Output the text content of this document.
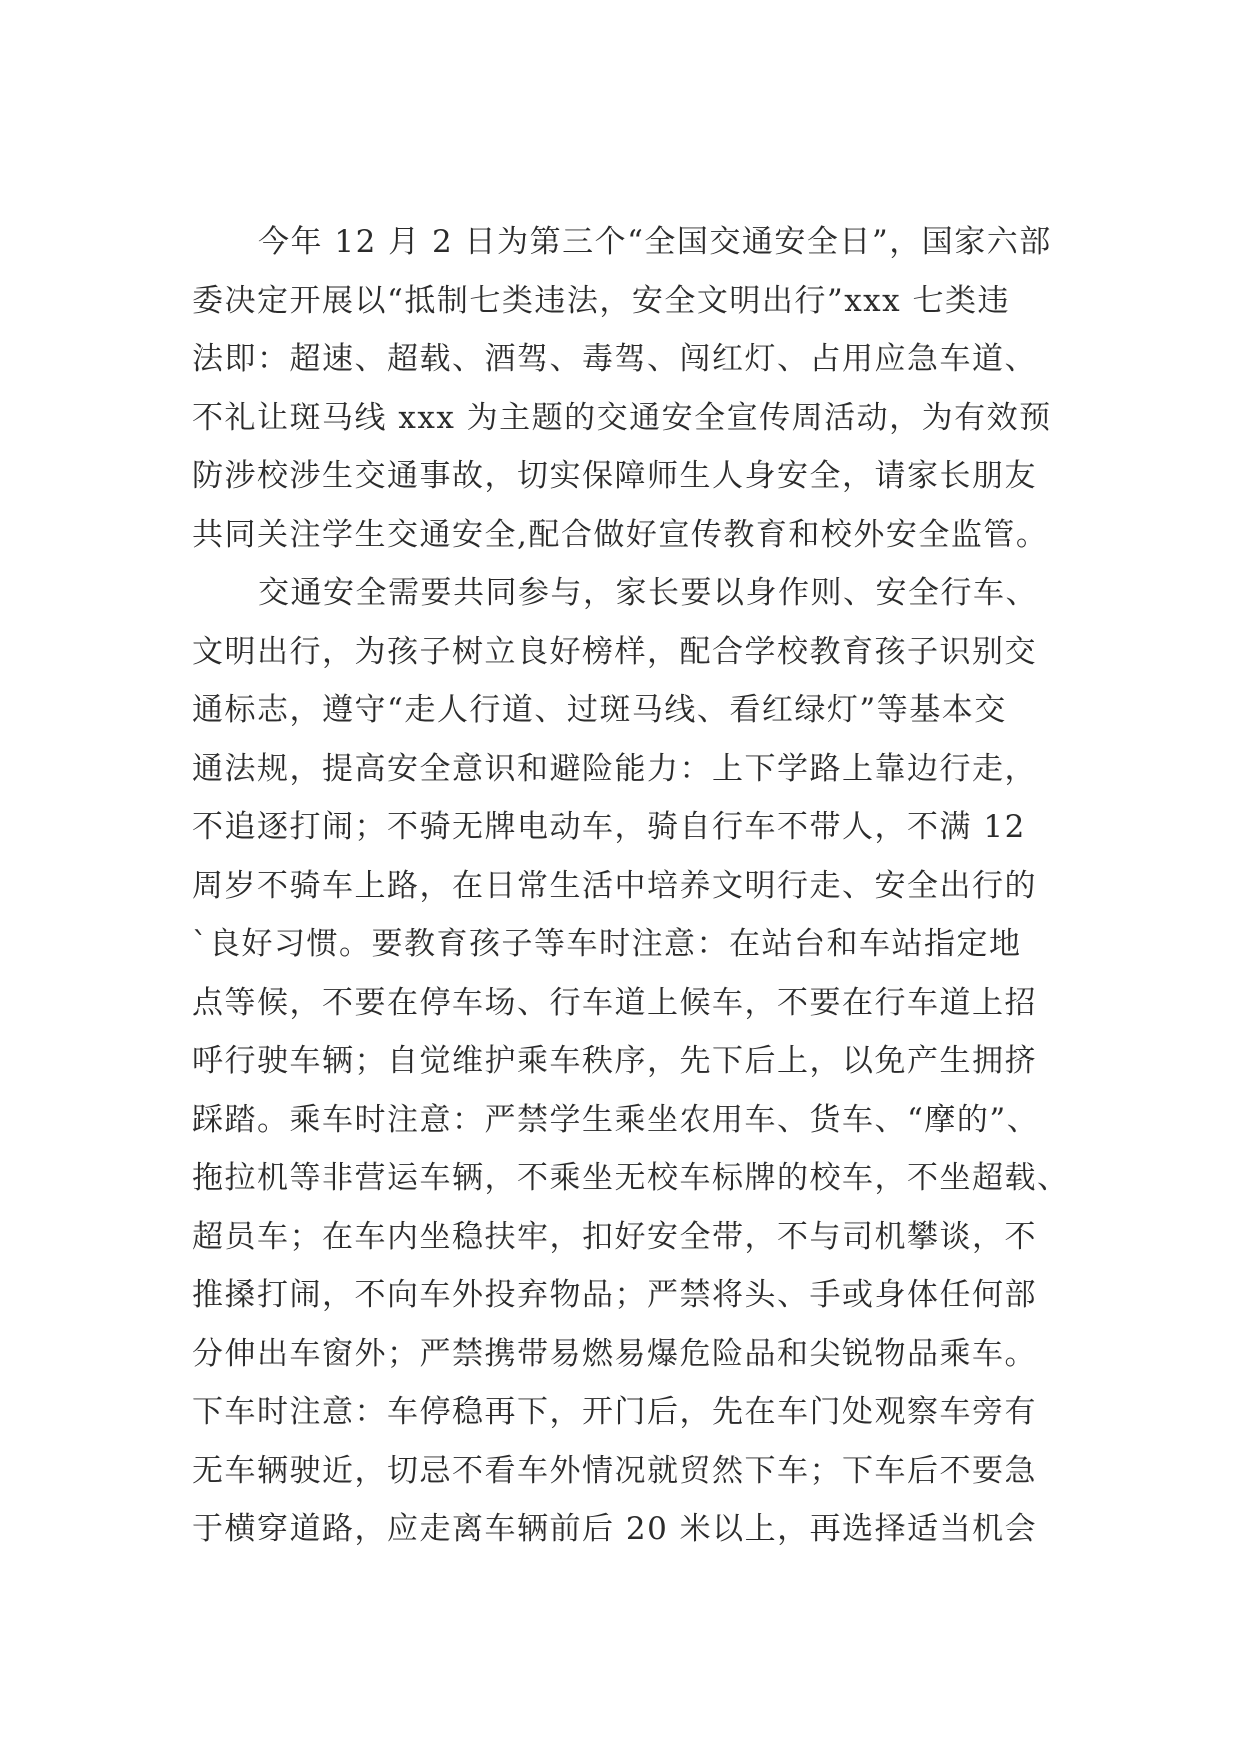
今年 12 月 2 日为第三个“全国交通安全日”，国家六部
委决定开展以“抵制七类违法，安全文明出行”xxx 七类违
法即：超速、超载、酒驾、毒驾、闯红灯、占用应急车道、
不礼让斑马线 xxx 为主题的交通安全宣传周活动，为有效预
防涉校涉生交通事故，切实保障师生人身安全，请家长朋友
共同关注学生交通安全,配合做好宣传教育和校外安全监管。
交通安全需要共同参与，家长要以身作则、安全行车、
文明出行，为孩子树立良好榜样，配合学校教育孩子识别交
通标志，遵守“走人行道、过斑马线、看红绿灯”等基本交
通法规，提高安全意识和避险能力：上下学路上靠边行走，
不追逐打闹；不骑无牌电动车，骑自行车不带人，不满 12
周岁不骑车上路，在日常生活中培养文明行走、安全出行的
`良好习惯。要教育孩子等车时注意：在站台和车站指定地
点等候，不要在停车场、行车道上候车，不要在行车道上招
呼行驶车辆；自觉维护乘车秩序，先下后上，以免产生拥挤
踩踏。乘车时注意：严禁学生乘坐农用车、货车、“摩的”、
拖拉机等非营运车辆，不乘坐无校车标牌的校车，不坐超载、
超员车；在车内坐稳扶牢，扣好安全带，不与司机攀谈，不
推搡打闹，不向车外投弃物品；严禁将头、手或身体任何部
分伸出车窗外；严禁携带易燃易爆危险品和尖锐物品乘车。
下车时注意：车停稳再下，开门后，先在车门处观察车旁有
无车辆驶近，切忌不看车外情况就贸然下车；下车后不要急
于横穿道路，应走离车辆前后 20 米以上，再选择适当机会
